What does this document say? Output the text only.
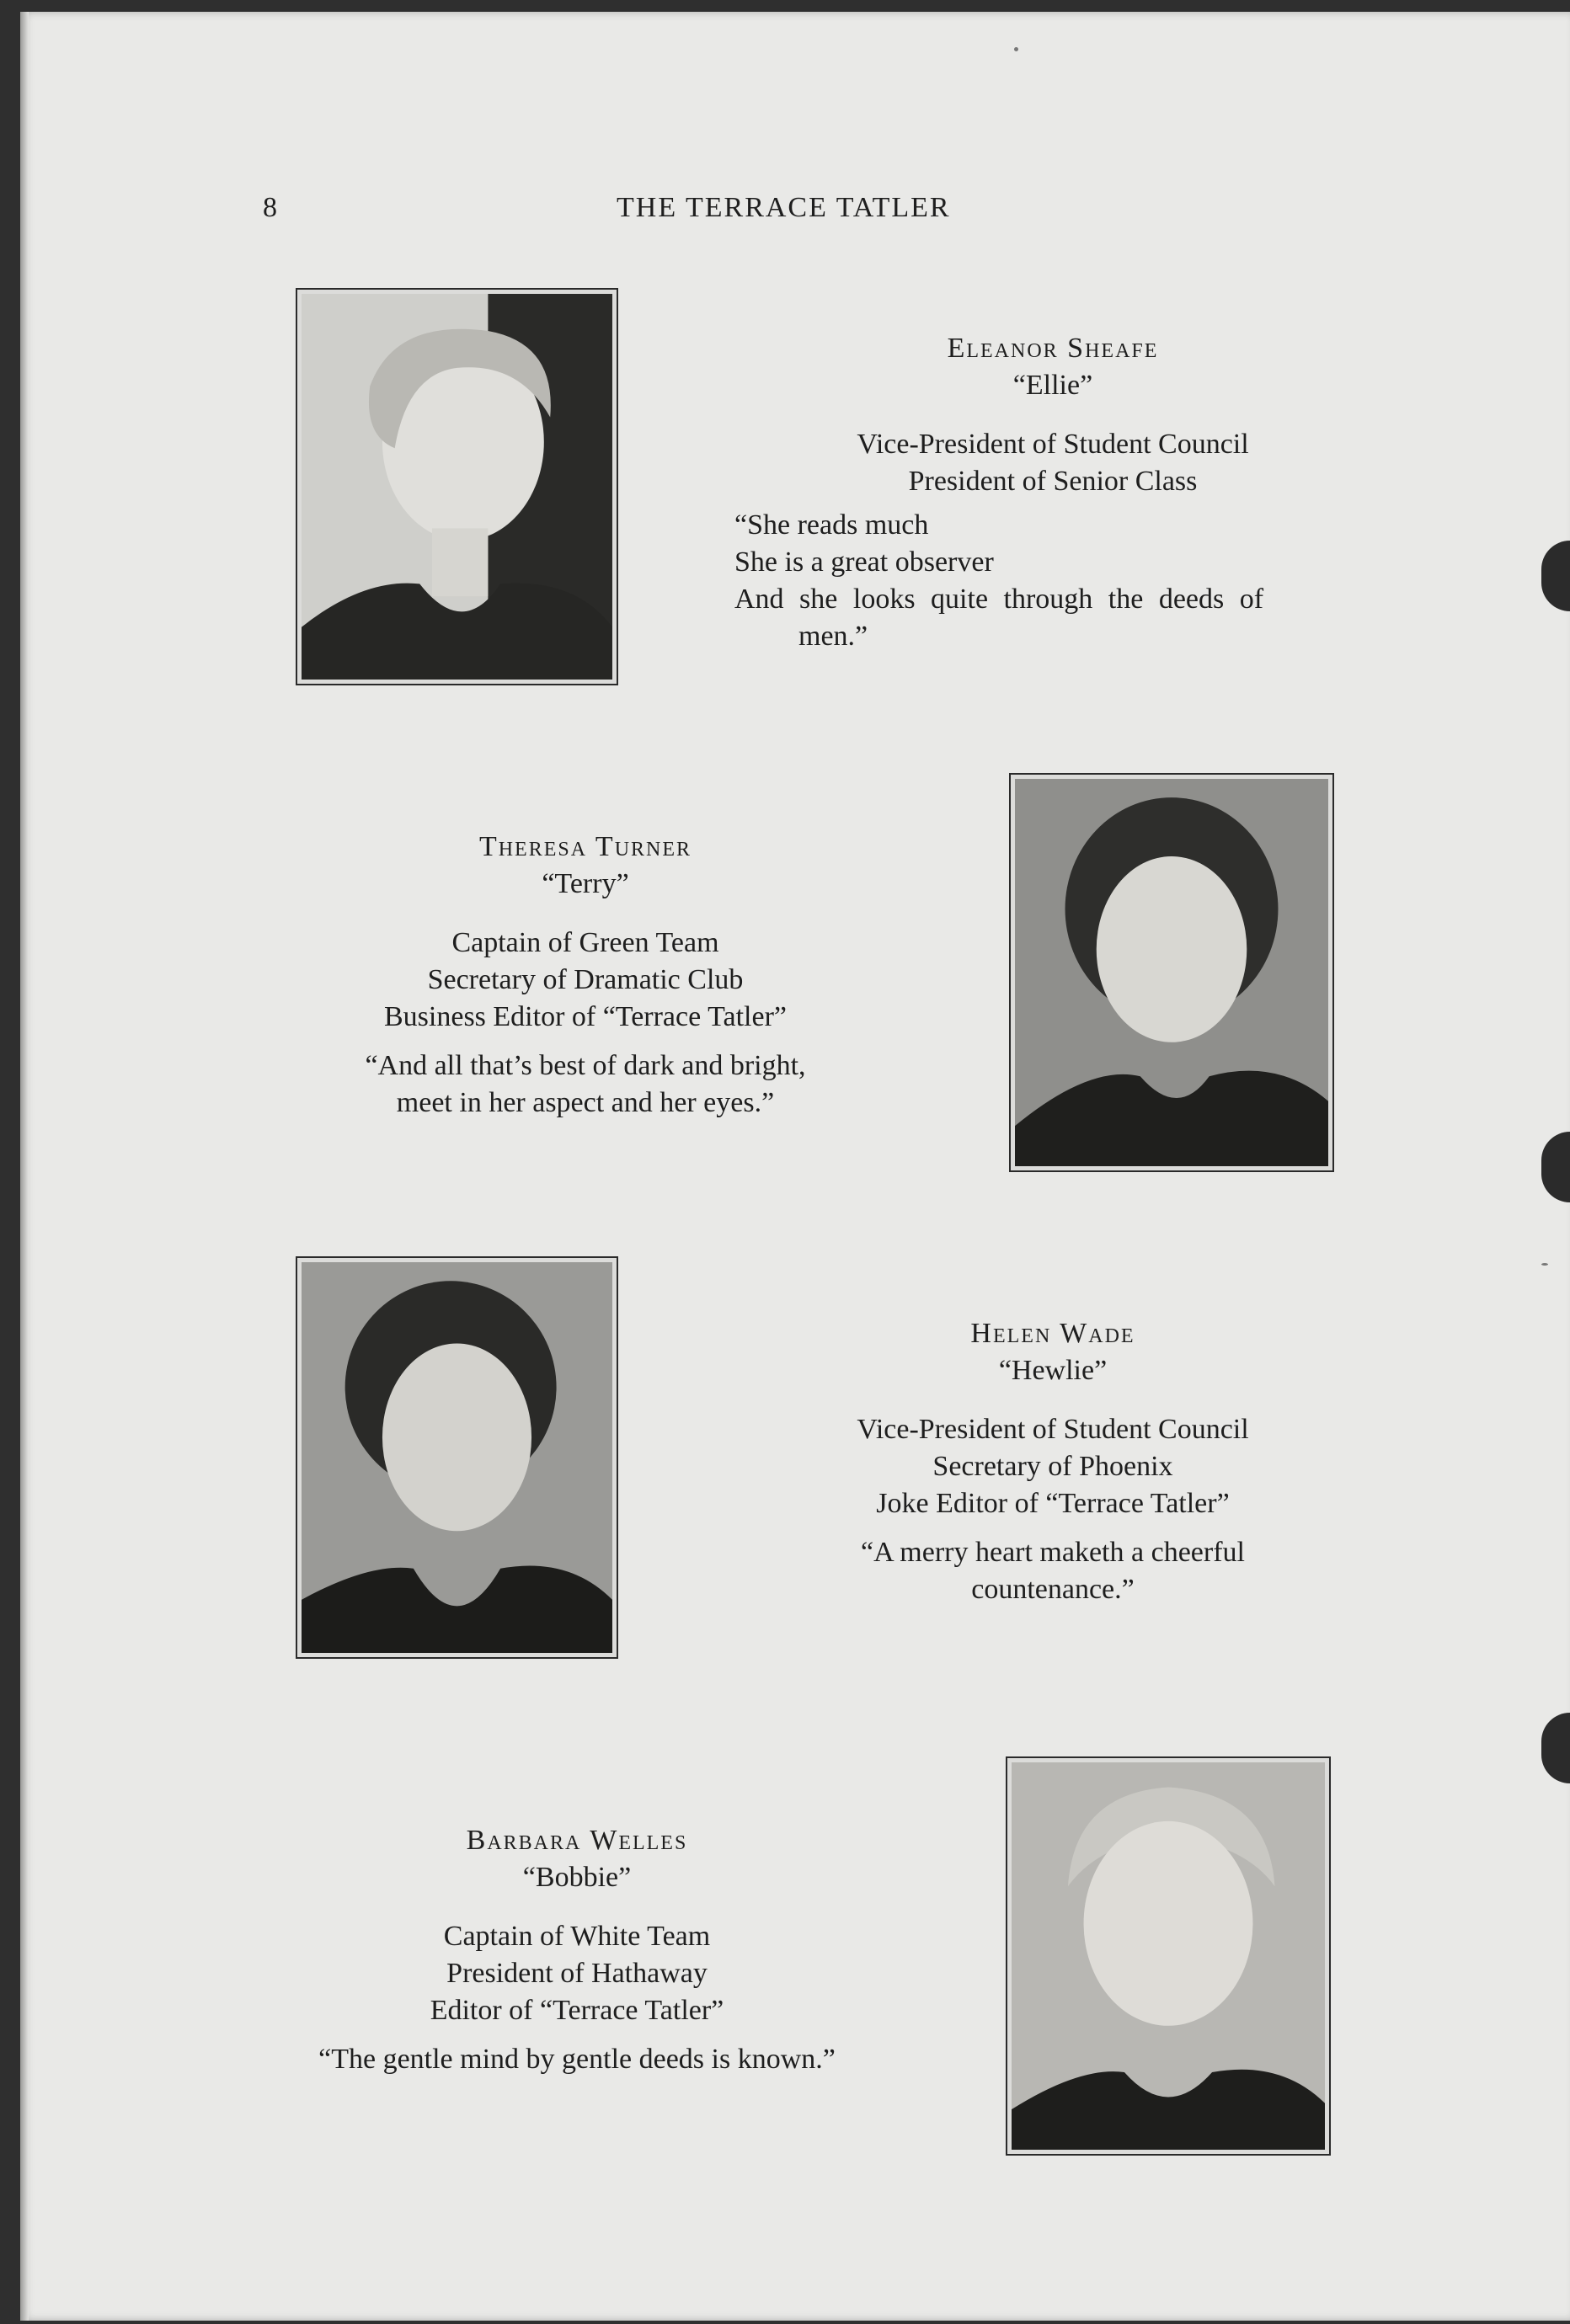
8	THE TERRACE TATLER
Eleanor Sheafe
“Ellie”
Vice-President of Student Council
President of Senior Class
“She reads much
She is a great observer
And she looks quite through the deeds of
men.”
Theresa Turner
“Terry”
Captain of Green Team
Secretary of Dramatic Club
Business Editor of “Terrace Tatler”
“And all that’s best of dark and bright,
meet in her aspect and her eyes.”
Helen Wade
“Hewlie”
Vice-President of Student Council
Secretary of Phoenix
Joke Editor of “Terrace Tatler”
“A merry heart maketh a cheerful
countenance.”
Barbara Welles
“Bobbie”
Captain of White Team
President of Hathaway
Editor of “Terrace Tatler”
“The gentle mind by gentle deeds is known.”
